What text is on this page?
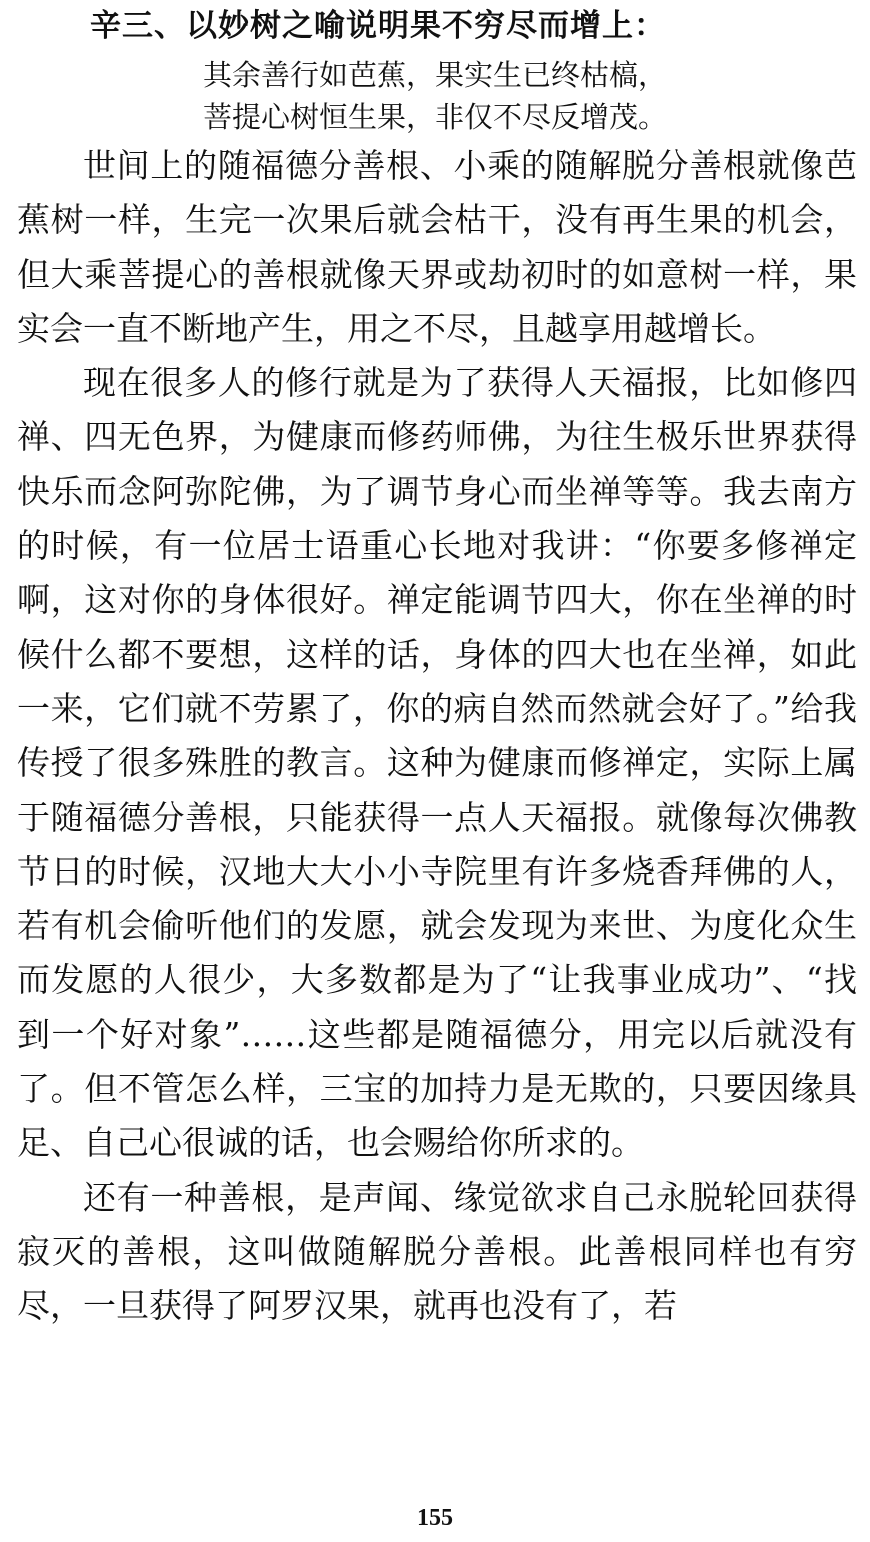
辛三、以妙树之喻说明果不穷尽而增上：
其余善行如芭蕉，果实生已终枯槁，
菩提心树恒生果，非仅不尽反增茂。

世间上的随福德分善根、小乘的随解脱分善根就像芭蕉树一样，生完一次果后就会枯干，没有再生果的机会，但大乘菩提心的善根就像天界或劫初时的如意树一样，果实会一直不断地产生，用之不尽，且越享用越增长。

现在很多人的修行就是为了获得人天福报，比如修四禅、四无色界，为健康而修药师佛，为往生极乐世界获得快乐而念阿弥陀佛，为了调节身心而坐禅等等。我去南方的时候，有一位居士语重心长地对我讲：“你要多修禅定啊，这对你的身体很好。禅定能调节四大，你在坐禅的时候什么都不要想，这样的话，身体的四大也在坐禅，如此一来，它们就不劳累了，你的病自然而然就会好了。”给我传授了很多殊胜的教言。这种为健康而修禅定，实际上属于随福德分善根，只能获得一点人天福报。就像每次佛教节日的时候，汉地大大小小寺院里有许多烧香拜佛的人，若有机会偷听他们的发愿，就会发现为来世、为度化众生而发愿的人很少，大多数都是为了“让我事业成功”、“找到一个好对象”……这些都是随福德分，用完以后就没有了。但不管怎么样，三宝的加持力是无欺的，只要因缘具足、自己心很诚的话，也会赐给你所求的。

还有一种善根，是声闻、缘觉欲求自己永脱轮回获得寂灭的善根，这叫做随解脱分善根。此善根同样也有穷尽，一旦获得了阿罗汉果，就再也没有了，若

155
